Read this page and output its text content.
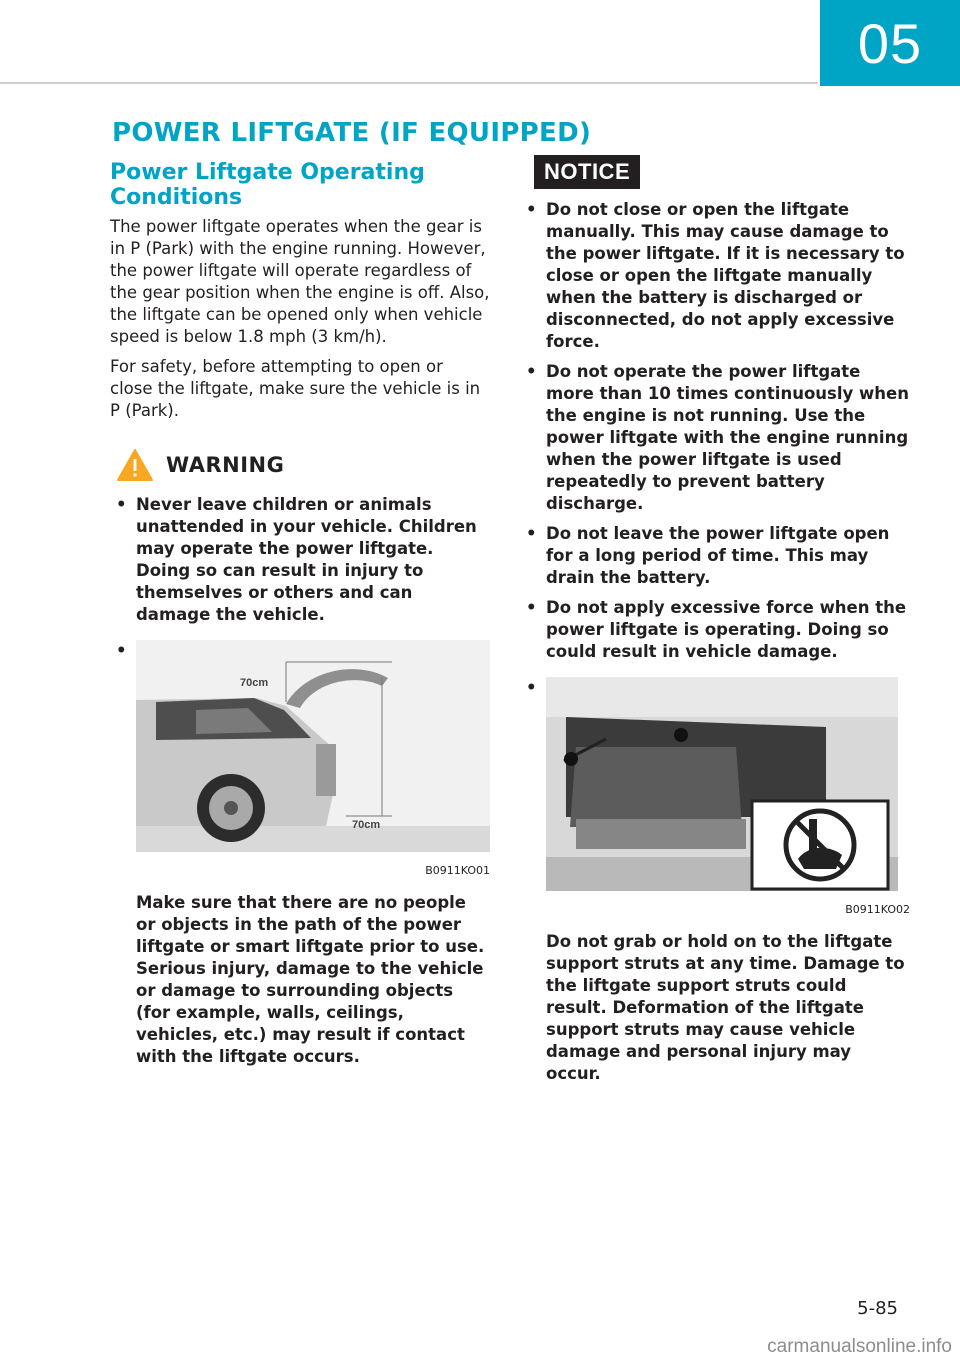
05
POWER LIFTGATE (IF EQUIPPED)
Power Liftgate Operating Conditions

The power liftgate operates when the gear is in P (Park) with the engine running. However, the power liftgate will operate regardless of the gear position when the engine is off. Also, the liftgate can be opened only when vehicle speed is below 1.8 mph (3 km/h).

For safety, before attempting to open or close the liftgate, make sure the vehicle is in P (Park).

WARNING
• Never leave children or animals unattended in your vehicle. Children may operate the power liftgate. Doing so can result in injury to themselves or others and can damage the vehicle.
•
70cm
70cm
B0911KO01
Make sure that there are no people or objects in the path of the power liftgate or smart liftgate prior to use. Serious injury, damage to the vehicle or damage to surrounding objects (for example, walls, ceilings, vehicles, etc.) may result if contact with the liftgate occurs.
NOTICE
• Do not close or open the liftgate manually. This may cause damage to the power liftgate. If it is necessary to close or open the liftgate manually when the battery is discharged or disconnected, do not apply excessive force.
• Do not operate the power liftgate more than 10 times continuously when the engine is not running. Use the power liftgate with the engine running when the power liftgate is used repeatedly to prevent battery discharge.
• Do not leave the power liftgate open for a long period of time. This may drain the battery.
• Do not apply excessive force when the power liftgate is operating. Doing so could result in vehicle damage.
•
B0911KO02
Do not grab or hold on to the liftgate support struts at any time. Damage to the liftgate support struts could result. Deformation of the liftgate support struts may cause vehicle damage and personal injury may occur.
5-85
carmanualsonline.info
